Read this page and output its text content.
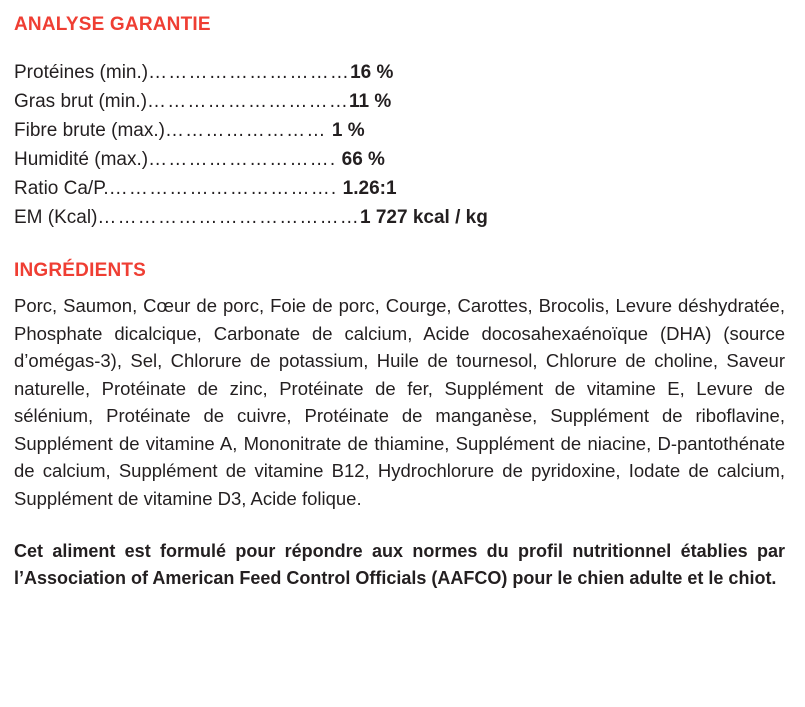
ANALYSE GARANTIE
Protéines (min.)…………………………16 %
Gras brut (min.)…………………………11 %
Fibre brute (max.)…………………… 1 %
Humidité (max.)………………………. 66 %
Ratio Ca/P.……………………………. 1.26:1
EM (Kcal)…………………………………1 727 kcal / kg
INGRÉDIENTS

Porc, Saumon, Cœur de porc, Foie de porc, Courge, Carottes, Brocolis, Levure déshydratée, Phosphate dicalcique, Carbonate de calcium, Acide docosahexaénoïque (DHA) (source d’omégas-3), Sel, Chlorure de potassium, Huile de tournesol, Chlorure de choline, Saveur naturelle, Protéinate de zinc, Protéinate de fer, Supplément de vitamine E, Levure de sélénium, Protéinate de cuivre, Protéinate de manganèse, Supplément de riboflavine, Supplément de vitamine A, Mononitrate de thiamine, Supplément de niacine, D-pantothénate de calcium, Supplément de vitamine B12, Hydrochlorure de pyridoxine, Iodate de calcium, Supplément de vitamine D3, Acide folique.

Cet aliment est formulé pour répondre aux normes du profil nutritionnel établies par l’Association of American Feed Control Officials (AAFCO) pour le chien adulte et le chiot.
